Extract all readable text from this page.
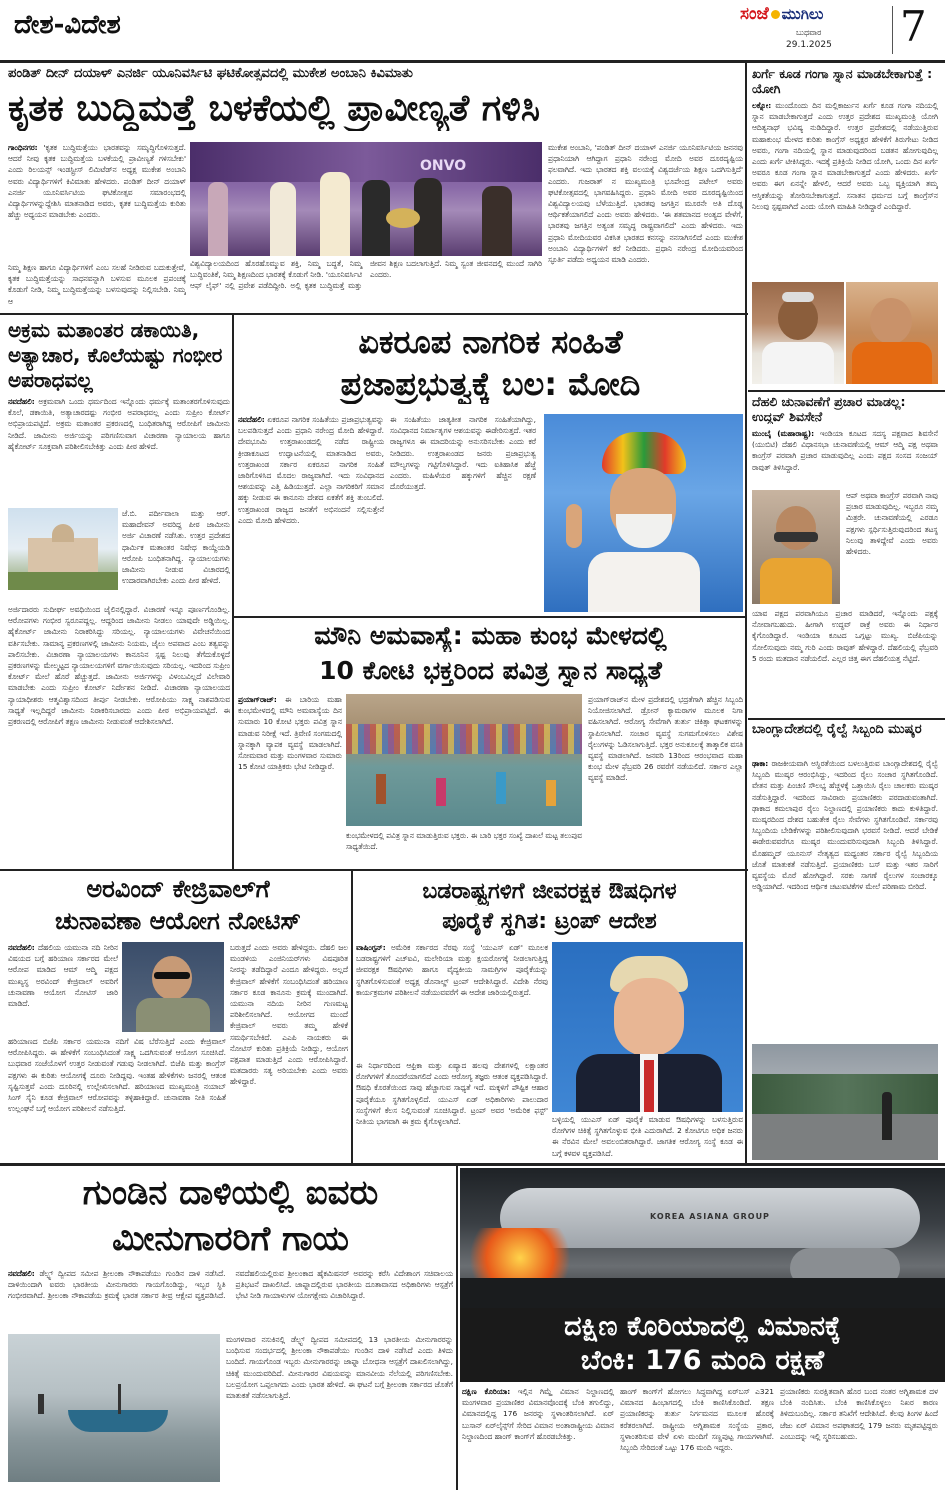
ದೇಶ-ವಿದೇಶ	ಸಂಜೆ ಮುಗಿಲು
ಬುಧವಾರ
29.1.2025 7
ಪಂಡಿತ್ ದೀನ್ ದಯಾಳ್ ಎನರ್ಜಿ ಯೂನಿವರ್ಸಿಟಿ ಘಟಿಕೋತ್ಸವದಲ್ಲಿ ಮುಕೇಶ ಅಂಬಾನಿ ಕಿವಿಮಾತು
ಕೃತಕ ಬುದ್ಧಿಮತ್ತೆ ಬಳಕೆಯಲ್ಲಿ ಪ್ರಾವೀಣ್ಯತೆ ಗಳಿಸಿ
ಗಾಂಧಿನಗರ: 'ಕೃತಕ ಬುದ್ಧಿಮತ್ತೆಯು ಭಾರತವನ್ನು ಸಮೃದ್ಧಿಗೊಳಿಸುತ್ತದೆ. ಆದರೆ ನೀವು ಕೃತಕ ಬುದ್ಧಿಮತ್ತೆಯ ಬಳಕೆಯಲ್ಲಿ ಪ್ರಾವೀಣ್ಯತೆ ಗಳಿಸಬೇಕು' ಎಂದು ರಿಲಯನ್ಸ್ ಇಂಡಸ್ಟ್ರೀಸ್ ಲಿಮಿಟೆಡ್‌ನ ಅಧ್ಯಕ್ಷ ಮುಕೇಶ ಅಂಬಾನಿ ಅವರು ವಿದ್ಯಾರ್ಥಿಗಳಿಗೆ ಕಿವಿಮಾತು ಹೇಳಿದರು. ಪಂಡಿತ್ ದೀನ್ ದಯಾಳ್ ಎನರ್ಜಿ ಯೂನಿವರ್ಸಿಟಿಯ ಘಟಿಕೋತ್ಸವ ಸಮಾರಂಭದಲ್ಲಿ ವಿದ್ಯಾರ್ಥಿಗಳನ್ನುದ್ದೇಶಿಸಿ ಮಾತನಾಡಿದ ಅವರು, ಕೃತಕ ಬುದ್ಧಿಮತ್ತೆಯ ಕುರಿತು ಹೆಚ್ಚು ಅಧ್ಯಯನ ಮಾಡಬೇಕು ಎಂದರು.
ನಿಮ್ಮ ಶಿಕ್ಷಣ ಹಾಗೂ ವಿದ್ಯಾರ್ಥಿಗಳಿಗೆ ಎಂಬ ಸಲಹೆ ನೀಡಿರುವ ಬದುಕುತ್ತೇವೆ, ಕೃತಕ ಬುದ್ಧಿಮತ್ತೆಯನ್ನು ಸಾಧನವನ್ನಾಗಿ ಬಳಸುವ ಮೂಲಕ ಪ್ರಪಂಚಕ್ಕೆ ಕೊಡುಗೆ ನೀಡಿ, ನಿಮ್ಮ ಬುದ್ಧಿಮತ್ತೆಯನ್ನು ಬಳಸುವುದನ್ನು ನಿಲ್ಲಿಸಬೇಡಿ. ನಿಮ್ಮ ಆ
ONVO
ವಿಶ್ವವಿದ್ಯಾಲಯದಿಂದ ಹೊರಹೊಮ್ಮುವ ಶಕ್ತಿ, ನಿಮ್ಮ ಬದ್ಧತೆ, ನಿಮ್ಮ ಬುದ್ಧಿವಂತಿಕೆ, ನಿಮ್ಮ ಶಿಕ್ಷಣದಿಂದ ಭಾರತಕ್ಕೆ ಕೊಡುಗೆ ನೀಡಿ. 'ಯೂನಿವರ್ಸಿಟಿ ಆಫ್ ಲೈಫ್' ನಲ್ಲಿ ಪ್ರವೇಶ ಪಡೆದಿದ್ದೀರಿ. ಅಲ್ಲಿ ಕೃತಕ ಬುದ್ಧಿಮತ್ತೆ ಮತ್ತು ಜೀವನ ಶಿಕ್ಷಣ ಬದಲಾಗುತ್ತಿದೆ. ನಿಮ್ಮ ಸ್ವಂತ ಜೀವನದಲ್ಲಿ ಮುಂದೆ ಸಾಗಿರಿ ಎಂದರು.
ಮುಕೇಶ ಅಂಬಾನಿ, 'ಪಂಡಿತ್ ದೀನ್ ದಯಾಳ್ ಎನರ್ಜಿ ಯೂನಿವರ್ಸಿಟಿಯ ಜನನವು ಪ್ರಧಾನಿಯಾಗಿ ಆಗಿದ್ದಾಗ ಪ್ರಧಾನಿ ನರೇಂದ್ರ ಮೋದಿ ಅವರ ದೂರದೃಷ್ಟಿಯ ಫಲವಾಗಿದೆ. ಇದು ಭಾರತದ ಶಕ್ತಿ ವಲಯಕ್ಕೆ ವಿಶ್ವದರ್ಜೆಯ ಶಿಕ್ಷಣ ಒದಗಿಸುತ್ತಿದೆ' ಎಂದರು. ಗುಜರಾತ್ ನ ಮುಖ್ಯಮಂತ್ರಿ ಭೂಪೇಂದ್ರ ಪಟೇಲ್ ಅವರು ಘಟಿಕೋತ್ಸವದಲ್ಲಿ ಭಾಗವಹಿಸಿದ್ದರು. ಪ್ರಧಾನಿ ಮೋದಿ ಅವರ ದೂರದೃಷ್ಟಿಯಿಂದ ವಿಶ್ವವಿದ್ಯಾಲಯವು ಬೆಳೆಯುತ್ತಿದೆ. ಭಾರತವು ಜಗತ್ತಿನ ಮೂರನೇ ಅತಿ ದೊಡ್ಡ ಆರ್ಥಿಕತೆಯಾಗಲಿದೆ ಎಂದು ಅವರು ಹೇಳಿದರು. 'ಈ ಶತಮಾನದ ಅಂತ್ಯದ ವೇಳೆಗೆ, ಭಾರತವು ಜಗತ್ತಿನ ಅತ್ಯಂತ ಸಮೃದ್ಧ ರಾಷ್ಟ್ರವಾಗಲಿದೆ' ಎಂದು ಹೇಳಿದರು. ಇದು ಪ್ರಧಾನಿ ಮೋದಿಯವರ ವಿಕಸಿತ ಭಾರತದ ಕನಸನ್ನು ನನಸಾಗಿಸಲಿದೆ ಎಂದು ಮುಕೇಶ ಅಂಬಾನಿ ವಿದ್ಯಾರ್ಥಿಗಳಿಗೆ ಕರೆ ನೀಡಿದರು. ಪ್ರಧಾನಿ ನರೇಂದ್ರ ಮೋದಿಯವರಿಂದ ಸ್ಫೂರ್ತಿ ಪಡೆದು ಅಧ್ಯಯನ ಮಾಡಿ ಎಂದರು.
ಖರ್ಗೆ ಕೂಡ ಗಂಗಾ ಸ್ನಾನ ಮಾಡಬೇಕಾಗುತ್ತೆ : ಯೋಗಿ
ಲಕ್ನೋ: ಮುಂದೊಂದು ದಿನ ಮಲ್ಲಿಕಾರ್ಜುನ ಖರ್ಗೆ ಕೂಡ ಗಂಗಾ ನದಿಯಲ್ಲಿ ಸ್ನಾನ ಮಾಡಬೇಕಾಗುತ್ತದೆ ಎಂದು ಉತ್ತರ ಪ್ರದೇಶದ ಮುಖ್ಯಮಂತ್ರಿ ಯೋಗಿ ಆದಿತ್ಯನಾಥ್ ಭವಿಷ್ಯ ನುಡಿದಿದ್ದಾರೆ. ಉತ್ತರ ಪ್ರದೇಶದಲ್ಲಿ ನಡೆಯುತ್ತಿರುವ ಮಹಾಕುಂಭ ಮೇಳದ ಕುರಿತು ಕಾಂಗ್ರೆಸ್ ಅಧ್ಯಕ್ಷರ ಹೇಳಿಕೆಗೆ ತಿರುಗೇಟು ನೀಡಿದ ಅವರು, ಗಂಗಾ ನದಿಯಲ್ಲಿ ಸ್ನಾನ ಮಾಡುವುದರಿಂದ ಬಡತನ ಹೋಗುವುದಿಲ್ಲ ಎಂದು ಖರ್ಗೆ ಟೀಕಿಸಿದ್ದರು. ಇದಕ್ಕೆ ಪ್ರತಿಕ್ರಿಯೆ ನೀಡಿದ ಯೋಗಿ, ಒಂದು ದಿನ ಖರ್ಗೆ ಅವರೂ ಕೂಡ ಗಂಗಾ ಸ್ನಾನ ಮಾಡಬೇಕಾಗುತ್ತದೆ ಎಂದು ಹೇಳಿದರು. ಖರ್ಗೆ ಅವರು ಈಗ ಏನನ್ನೇ ಹೇಳಲಿ, ಆದರೆ ಅವರು ಒಬ್ಬ ವ್ಯಕ್ತಿಯಾಗಿ ತಮ್ಮ ಆಸ್ತಿಕತೆಯನ್ನು ತೋರಿಸಬೇಕಾಗುತ್ತದೆ. ಸನಾತನ ಧರ್ಮದ ಬಗ್ಗೆ ಕಾಂಗ್ರೆಸ್‌ನ ನಿಲುವು ಸ್ಪಷ್ಟವಾಗಿದೆ ಎಂದು ಯೋಗಿ ಮಾಹಿತಿ ನೀಡಿದ್ದಾರೆ ಎಂದಿದ್ದಾರೆ.
ದೆಹಲಿ ಚುನಾವಣೆಗೆ ಪ್ರಚಾರ ಮಾಡಲ್ಲ: ಉದ್ಧವ್ ಶಿವಸೇನೆ
ಮುಂಬೈ (ಮಹಾರಾಷ್ಟ್ರ): ಇಂಡಿಯಾ ಕೂಟದ ಸದಸ್ಯ ಪಕ್ಷವಾದ ಶಿವಸೇನೆ (ಯುಬಿಟಿ) ದೆಹಲಿ ವಿಧಾನಸಭಾ ಚುನಾವಣೆಯಲ್ಲಿ ಆಮ್ ಆದ್ಮಿ ಪಕ್ಷ ಅಥವಾ ಕಾಂಗ್ರೆಸ್ ಪರವಾಗಿ ಪ್ರಚಾರ ಮಾಡುವುದಿಲ್ಲ ಎಂದು ಪಕ್ಷದ ಸಂಸದ ಸಂಜಯ್ ರಾವುತ್ ತಿಳಿಸಿದ್ದಾರೆ.
ಆಪ್ ಅಥವಾ ಕಾಂಗ್ರೆಸ್ ಪರವಾಗಿ ನಾವು ಪ್ರಚಾರ ಮಾಡುವುದಿಲ್ಲ. ಇಬ್ಬರೂ ನಮ್ಮ ಮಿತ್ರರೇ. ಚುನಾವಣೆಯಲ್ಲಿ ಎರಡೂ ಪಕ್ಷಗಳು ಸ್ಪರ್ಧಿಸುತ್ತಿರುವುದರಿಂದ ತಟಸ್ಥ ನಿಲುವು ತಾಳಿದ್ದೇವೆ ಎಂದು ಅವರು ಹೇಳಿದರು.
ಯಾವ ಪಕ್ಷದ ಪರವಾಗಿಯೂ ಪ್ರಚಾರ ಮಾಡಿದರೆ, ಇನ್ನೊಂದು ಪಕ್ಷಕ್ಕೆ ನೋವಾಗಬಹುದು. ಹೀಗಾಗಿ ಉದ್ಧವ್ ಠಾಕ್ರೆ ಅವರು ಈ ನಿರ್ಧಾರ ಕೈಗೊಂಡಿದ್ದಾರೆ. ಇಂಡಿಯಾ ಕೂಟದ ಒಗ್ಗಟ್ಟು ಮುಖ್ಯ. ಬಿಜೆಪಿಯನ್ನು ಸೋಲಿಸುವುದು ನಮ್ಮ ಗುರಿ ಎಂದು ರಾವುತ್ ಹೇಳಿದ್ದಾರೆ. ದೆಹಲಿಯಲ್ಲಿ ಫೆಬ್ರವರಿ 5 ರಂದು ಮತದಾನ ನಡೆಯಲಿದೆ. ಎಲ್ಲರ ಚಿತ್ತ ಈಗ ದೆಹಲಿಯತ್ತ ನೆಟ್ಟಿದೆ.
ಬಾಂಗ್ಲಾದೇಶದಲ್ಲಿ ರೈಲ್ವೆ ಸಿಬ್ಬಂದಿ ಮುಷ್ಕರ
ಢಾಕಾ: ರಾಜಕೀಯವಾಗಿ ಅಸ್ಥಿರತೆಯಿಂದ ಬಳಲುತ್ತಿರುವ ಬಾಂಗ್ಲಾದೇಶದಲ್ಲಿ ರೈಲ್ವೆ ಸಿಬ್ಬಂದಿ ಮುಷ್ಕರ ಆರಂಭಿಸಿದ್ದು, ಇದರಿಂದ ರೈಲು ಸಂಚಾರ ಸ್ಥಗಿತಗೊಂಡಿದೆ. ವೇತನ ಮತ್ತು ಪಿಂಚಣಿ ಸೌಲಭ್ಯ ಹೆಚ್ಚಳಕ್ಕೆ ಒತ್ತಾಯಿಸಿ ರೈಲು ಚಾಲಕರು ಮುಷ್ಕರ ನಡೆಸುತ್ತಿದ್ದಾರೆ. ಇದರಿಂದ ಸಾವಿರಾರು ಪ್ರಯಾಣಿಕರು ಪರದಾಡುವಂತಾಗಿದೆ. ಢಾಕಾದ ಕಮಲಾಪುರ ರೈಲು ನಿಲ್ದಾಣದಲ್ಲಿ ಪ್ರಯಾಣಿಕರು ಕಾದು ಕುಳಿತಿದ್ದಾರೆ. ಮುಷ್ಕರದಿಂದ ದೇಶದ ಬಹುತೇಕ ರೈಲು ಸೇವೆಗಳು ಸ್ಥಗಿತಗೊಂಡಿವೆ. ಸರ್ಕಾರವು ಸಿಬ್ಬಂದಿಯ ಬೇಡಿಕೆಗಳನ್ನು ಪರಿಶೀಲಿಸುವುದಾಗಿ ಭರವಸೆ ನೀಡಿದೆ. ಆದರೆ ಬೇಡಿಕೆ ಈಡೇರುವವರೆಗೂ ಮುಷ್ಕರ ಮುಂದುವರಿಸುವುದಾಗಿ ಸಿಬ್ಬಂದಿ ತಿಳಿಸಿದ್ದಾರೆ. ಮೊಹಮ್ಮದ್ ಯೂನುಸ್ ನೇತೃತ್ವದ ಮಧ್ಯಂತರ ಸರ್ಕಾರ ರೈಲ್ವೆ ಸಿಬ್ಬಂದಿಯ ಜೊತೆ ಮಾತುಕತೆ ನಡೆಸುತ್ತಿದೆ. ಪ್ರಯಾಣಿಕರು ಬಸ್ ಮತ್ತು ಇತರ ಸಾರಿಗೆ ವ್ಯವಸ್ಥೆಯ ಮೊರೆ ಹೋಗಿದ್ದಾರೆ. ಸರಕು ಸಾಗಣೆ ರೈಲುಗಳ ಸಂಚಾರಕ್ಕೂ ಅಡ್ಡಿಯಾಗಿದೆ. ಇದರಿಂದ ಆರ್ಥಿಕ ಚಟುವಟಿಕೆಗಳ ಮೇಲೆ ಪರಿಣಾಮ ಬೀರಿದೆ.
ಅಕ್ರಮ ಮತಾಂತರ ಡಕಾಯಿತಿ, ಅತ್ಯಾಚಾರ, ಕೊಲೆಯಷ್ಟು ಗಂಭೀರ ಅಪರಾಧವಲ್ಲ
ನವದೆಹಲಿ: ಅಕ್ರಮವಾಗಿ ಒಂದು ಧರ್ಮದಿಂದ ಇನ್ನೊಂದು ಧರ್ಮಕ್ಕೆ ಮತಾಂತರಗೊಳಿಸುವುದು ಕೊಲೆ, ಡಕಾಯಿತಿ, ಅತ್ಯಾಚಾರದಷ್ಟು ಗಂಭೀರ ಅಪರಾಧವಲ್ಲ ಎಂದು ಸುಪ್ರೀಂ ಕೋರ್ಟ್ ಅಭಿಪ್ರಾಯಪಟ್ಟಿದೆ. ಅಕ್ರಮ ಮತಾಂತರ ಪ್ರಕರಣದಲ್ಲಿ ಬಂಧಿತರಾಗಿದ್ದ ಆರೋಪಿಗೆ ಜಾಮೀನು ನೀಡಿದೆ. ಜಾಮೀನು ಅರ್ಜಿಯನ್ನು ಪರಿಗಣಿಸುವಾಗ ವಿಚಾರಣಾ ನ್ಯಾಯಾಲಯ ಹಾಗೂ ಹೈಕೋರ್ಟ್ ಸೂಕ್ತವಾಗಿ ಪರಿಶೀಲಿಸಬೇಕಿತ್ತು ಎಂದು ಪೀಠ ಹೇಳಿದೆ.
ಜೆ.ಬಿ. ಪರ್ದೀವಾಲಾ ಮತ್ತು ಆರ್. ಮಹಾದೇವನ್ ಅವರಿದ್ದ ಪೀಠ ಜಾಮೀನು ಅರ್ಜಿ ವಿಚಾರಣೆ ನಡೆಸಿತು. ಉತ್ತರ ಪ್ರದೇಶದ ಧಾರ್ಮಿಕ ಮತಾಂತರ ನಿಷೇಧ ಕಾಯ್ದೆಯಡಿ ಆರೋಪಿ ಬಂಧಿತನಾಗಿದ್ದ. ನ್ಯಾಯಾಲಯಗಳು ಜಾಮೀನು ನೀಡುವ ವಿಚಾರದಲ್ಲಿ ಉದಾರವಾಗಿರಬೇಕು ಎಂದು ಪೀಠ ಹೇಳಿದೆ.
ಅರ್ಜಿದಾರರು ಸುದೀರ್ಘ ಅವಧಿಯಿಂದ ಜೈಲಿನಲ್ಲಿದ್ದಾರೆ. ವಿಚಾರಣೆ ಇನ್ನೂ ಪೂರ್ಣಗೊಂಡಿಲ್ಲ. ಆರೋಪಗಳು ಗಂಭೀರ ಸ್ವರೂಪದ್ದಲ್ಲ. ಆದ್ದರಿಂದ ಜಾಮೀನು ನೀಡಲು ಯಾವುದೇ ಅಡ್ಡಿಯಿಲ್ಲ. ಹೈಕೋರ್ಟ್ ಜಾಮೀನು ನಿರಾಕರಿಸಿದ್ದು ಸರಿಯಲ್ಲ. ನ್ಯಾಯಾಲಯಗಳು ವಿವೇಚನೆಯಿಂದ ವರ್ತಿಸಬೇಕು. ಸಾಮಾನ್ಯ ಪ್ರಕರಣಗಳಲ್ಲಿ ಜಾಮೀನು ನಿಯಮ, ಜೈಲು ಅಪವಾದ ಎಂಬ ತತ್ವವನ್ನು ಪಾಲಿಸಬೇಕು. ವಿಚಾರಣಾ ನ್ಯಾಯಾಲಯಗಳು ಕಾನೂನಿನ ಸ್ಪಷ್ಟ ನಿಲುವು ತೆಗೆದುಕೊಳ್ಳದೆ ಪ್ರಕರಣಗಳನ್ನು ಮೇಲ್ಮಟ್ಟದ ನ್ಯಾಯಾಲಯಗಳಿಗೆ ವರ್ಗಾಯಿಸುವುದು ಸರಿಯಲ್ಲ. ಇದರಿಂದ ಸುಪ್ರೀಂ ಕೋರ್ಟ್ ಮೇಲೆ ಹೊರೆ ಹೆಚ್ಚುತ್ತದೆ. ಜಾಮೀನು ಅರ್ಜಿಗಳನ್ನು ವಿಳಂಬವಿಲ್ಲದೆ ವಿಲೇವಾರಿ ಮಾಡಬೇಕು ಎಂದು ಸುಪ್ರೀಂ ಕೋರ್ಟ್ ನಿರ್ದೇಶನ ನೀಡಿದೆ. ವಿಚಾರಣಾ ನ್ಯಾಯಾಲಯದ ನ್ಯಾಯಾಧೀಶರು ಆತ್ಮವಿಶ್ವಾಸದಿಂದ ತೀರ್ಪು ನೀಡಬೇಕು. ಆರೋಪಿಯು ಸಾಕ್ಷ್ಯ ನಾಶಪಡಿಸುವ ಸಾಧ್ಯತೆ ಇಲ್ಲದಿದ್ದರೆ ಜಾಮೀನು ನಿರಾಕರಿಸಬಾರದು ಎಂದು ಪೀಠ ಅಭಿಪ್ರಾಯಪಟ್ಟಿದೆ. ಈ ಪ್ರಕರಣದಲ್ಲಿ ಆರೋಪಿಗೆ ತಕ್ಷಣ ಜಾಮೀನು ನೀಡುವಂತೆ ಆದೇಶಿಸಲಾಗಿದೆ.
ಏಕರೂಪ ನಾಗರಿಕ ಸಂಹಿತೆ
ಪ್ರಜಾಪ್ರಭುತ್ವಕ್ಕೆ ಬಲ: ಮೋದಿ
ನವದೆಹಲಿ: ಏಕರೂಪ ನಾಗರಿಕ ಸಂಹಿತೆಯು ಪ್ರಜಾಪ್ರಭುತ್ವವನ್ನು ಬಲಪಡಿಸುತ್ತದೆ ಎಂದು ಪ್ರಧಾನಿ ನರೇಂದ್ರ ಮೋದಿ ಹೇಳಿದ್ದಾರೆ. ದೇವಭೂಮಿ ಉತ್ತರಾಖಂಡದಲ್ಲಿ ನಡೆದ ರಾಷ್ಟ್ರೀಯ ಕ್ರೀಡಾಕೂಟದ ಉದ್ಘಾಟನೆಯಲ್ಲಿ ಮಾತನಾಡಿದ ಅವರು, ಉತ್ತರಾಖಂಡ ಸರ್ಕಾರ ಏಕರೂಪ ನಾಗರಿಕ ಸಂಹಿತೆ ಜಾರಿಗೊಳಿಸಿದ ಮೊದಲ ರಾಜ್ಯವಾಗಿದೆ. ಇದು ಸಂವಿಧಾನದ ಆಶಯವನ್ನು ಎತ್ತಿ ಹಿಡಿಯುತ್ತದೆ. ಎಲ್ಲಾ ನಾಗರಿಕರಿಗೆ ಸಮಾನ ಹಕ್ಕು ನೀಡುವ ಈ ಕಾನೂನು ದೇಶದ ಏಕತೆಗೆ ಶಕ್ತಿ ತುಂಬಲಿದೆ. ಉತ್ತರಾಖಂಡ ರಾಜ್ಯದ ಜನತೆಗೆ ಅಭಿನಂದನೆ ಸಲ್ಲಿಸುತ್ತೇನೆ ಎಂದು ಮೋದಿ ಹೇಳಿದರು.
ಈ ಸಂಹಿತೆಯು ಜಾತ್ಯತೀತ ನಾಗರಿಕ ಸಂಹಿತೆಯಾಗಿದ್ದು, ಸಂವಿಧಾನದ ನಿರ್ಮಾತೃಗಳ ಆಶಯವನ್ನು ಈಡೇರಿಸುತ್ತದೆ. ಇತರ ರಾಜ್ಯಗಳೂ ಈ ಮಾದರಿಯನ್ನು ಅನುಸರಿಸಬೇಕು ಎಂದು ಕರೆ ನೀಡಿದರು. ಉತ್ತರಾಖಂಡದ ಜನರು ಪ್ರಜಾಪ್ರಭುತ್ವ ಮೌಲ್ಯಗಳನ್ನು ಗಟ್ಟಿಗೊಳಿಸಿದ್ದಾರೆ. ಇದು ಐತಿಹಾಸಿಕ ಹೆಜ್ಜೆ ಎಂದರು. ಮಹಿಳೆಯರ ಹಕ್ಕುಗಳಿಗೆ ಹೆಚ್ಚಿನ ರಕ್ಷಣೆ ದೊರೆಯುತ್ತದೆ.
ಮೌನಿ ಅಮವಾಸ್ಯೆ: ಮಹಾ ಕುಂಭ ಮೇಳದಲ್ಲಿ
10 ಕೋಟಿ ಭಕ್ತರಿಂದ ಪವಿತ್ರ ಸ್ನಾನ ಸಾಧ್ಯತೆ
ಪ್ರಯಾಗ್‌ರಾಜ್: ಈ ಬಾರಿಯ ಮಹಾ ಕುಂಭಮೇಳದಲ್ಲಿ ಮೌನಿ ಅಮವಾಸ್ಯೆಯ ದಿನ ಸುಮಾರು 10 ಕೋಟಿ ಭಕ್ತರು ಪವಿತ್ರ ಸ್ನಾನ ಮಾಡುವ ನಿರೀಕ್ಷೆ ಇದೆ. ತ್ರಿವೇಣಿ ಸಂಗಮದಲ್ಲಿ ಸ್ನಾನಕ್ಕಾಗಿ ವ್ಯಾಪಕ ವ್ಯವಸ್ಥೆ ಮಾಡಲಾಗಿದೆ. ಸೋಮವಾರ ಮತ್ತು ಮಂಗಳವಾರ ಸುಮಾರು 15 ಕೋಟಿ ಯಾತ್ರಿಕರು ಭೇಟಿ ನೀಡಿದ್ದಾರೆ.
ಕುಂಭಮೇಳದಲ್ಲಿ ಪವಿತ್ರ ಸ್ನಾನ ಮಾಡುತ್ತಿರುವ ಭಕ್ತರು. ಈ ಬಾರಿ ಭಕ್ತರ ಸಂಖ್ಯೆ ದಾಖಲೆ ಮಟ್ಟ ತಲುಪುವ ಸಾಧ್ಯತೆಯಿದೆ.
ಪ್ರಯಾಗ್‌ರಾಜ್‌ನ ಮೇಳ ಪ್ರದೇಶದಲ್ಲಿ ಭದ್ರತೆಗಾಗಿ ಹೆಚ್ಚಿನ ಸಿಬ್ಬಂದಿ ನಿಯೋಜಿಸಲಾಗಿದೆ. ಡ್ರೋನ್ ಕ್ಯಾಮರಾಗಳ ಮೂಲಕ ನಿಗಾ ವಹಿಸಲಾಗಿದೆ. ಆರೋಗ್ಯ ಸೇವೆಗಾಗಿ ತುರ್ತು ಚಿಕಿತ್ಸಾ ಘಟಕಗಳನ್ನು ಸ್ಥಾಪಿಸಲಾಗಿದೆ. ಸಂಚಾರ ವ್ಯವಸ್ಥೆ ಸುಗಮಗೊಳಿಸಲು ವಿಶೇಷ ರೈಲುಗಳನ್ನು ಓಡಿಸಲಾಗುತ್ತಿದೆ. ಭಕ್ತರ ಅನುಕೂಲಕ್ಕೆ ತಾತ್ಕಾಲಿಕ ವಸತಿ ವ್ಯವಸ್ಥೆ ಮಾಡಲಾಗಿದೆ. ಜನವರಿ 13ರಿಂದ ಆರಂಭವಾದ ಮಹಾ ಕುಂಭ ಮೇಳ ಫೆಬ್ರವರಿ 26 ರವರೆಗೆ ನಡೆಯಲಿದೆ. ಸರ್ಕಾರ ಎಲ್ಲಾ ವ್ಯವಸ್ಥೆ ಮಾಡಿದೆ.
ಅರವಿಂದ್ ಕೇಜ್ರಿವಾಲ್‌ಗೆ
ಚುನಾವಣಾ ಆಯೋಗ ನೋಟಿಸ್
ನವದೆಹಲಿ: ದೆಹಲಿಯ ಯಮುನಾ ನದಿ ನೀರಿನ ವಿಷಯದ ಬಗ್ಗೆ ಹರಿಯಾಣ ಸರ್ಕಾರದ ಮೇಲೆ ಆರೋಪ ಮಾಡಿದ ಆಮ್ ಆದ್ಮಿ ಪಕ್ಷದ ಮುಖ್ಯಸ್ಥ ಅರವಿಂದ್ ಕೇಜ್ರಿವಾಲ್ ಅವರಿಗೆ ಚುನಾವಣಾ ಆಯೋಗ ನೋಟಿಸ್ ಜಾರಿ ಮಾಡಿದೆ.
ಹರಿಯಾಣದ ಬಿಜೆಪಿ ಸರ್ಕಾರ ಯಮುನಾ ನದಿಗೆ ವಿಷ ಬೆರೆಸುತ್ತಿದೆ ಎಂದು ಕೇಜ್ರಿವಾಲ್ ಆರೋಪಿಸಿದ್ದರು. ಈ ಹೇಳಿಕೆಗೆ ಸಂಬಂಧಿಸಿದಂತೆ ಸಾಕ್ಷ್ಯ ಒದಗಿಸುವಂತೆ ಆಯೋಗ ಸೂಚಿಸಿದೆ. ಬುಧವಾರ ಸಂಜೆಯೊಳಗೆ ಉತ್ತರ ನೀಡುವಂತೆ ಗಡುವು ನೀಡಲಾಗಿದೆ. ಬಿಜೆಪಿ ಮತ್ತು ಕಾಂಗ್ರೆಸ್ ಪಕ್ಷಗಳು ಈ ಕುರಿತು ಆಯೋಗಕ್ಕೆ ದೂರು ನೀಡಿದ್ದವು. ಇಂತಹ ಹೇಳಿಕೆಗಳು ಜನರಲ್ಲಿ ಆತಂಕ ಸೃಷ್ಟಿಸುತ್ತವೆ ಎಂದು ದೂರಿನಲ್ಲಿ ಉಲ್ಲೇಖಿಸಲಾಗಿದೆ. ಹರಿಯಾಣದ ಮುಖ್ಯಮಂತ್ರಿ ನಯಾಬ್ ಸಿಂಗ್ ಸೈನಿ ಕೂಡ ಕೇಜ್ರಿವಾಲ್ ಆರೋಪವನ್ನು ತಳ್ಳಿಹಾಕಿದ್ದಾರೆ. ಚುನಾವಣಾ ನೀತಿ ಸಂಹಿತೆ ಉಲ್ಲಂಘನೆ ಬಗ್ಗೆ ಆಯೋಗ ಪರಿಶೀಲನೆ ನಡೆಸುತ್ತಿದೆ.
ಬರುತ್ತದೆ ಎಂದು ಅವರು ಹೇಳಿದ್ದರು. ದೆಹಲಿ ಜಲ ಮಂಡಳಿಯ ಎಂಜಿನಿಯರ್‌ಗಳು ವಿಷಪೂರಿತ ನೀರನ್ನು ತಡೆದಿದ್ದಾರೆ ಎಂದೂ ಹೇಳಿದ್ದರು. ಅಲ್ಲದೆ ಕೇಜ್ರಿವಾಲ್ ಹೇಳಿಕೆಗೆ ಸಂಬಂಧಿಸಿದಂತೆ ಹರಿಯಾಣ ಸರ್ಕಾರ ಕೂಡ ಕಾನೂನು ಕ್ರಮಕ್ಕೆ ಮುಂದಾಗಿದೆ. ಯಮುನಾ ನದಿಯ ನೀರಿನ ಗುಣಮಟ್ಟ ಪರಿಶೀಲಿಸಲಾಗಿದೆ. ಆಯೋಗದ ಮುಂದೆ ಕೇಜ್ರಿವಾಲ್ ಅವರು ತಮ್ಮ ಹೇಳಿಕೆ ಸಮರ್ಥಿಸಬೇಕಿದೆ. ಎಎಪಿ ನಾಯಕರು ಈ ನೋಟಿಸ್ ಕುರಿತು ಪ್ರತಿಕ್ರಿಯೆ ನೀಡಿದ್ದು, ಆಯೋಗ ಪಕ್ಷಪಾತ ಮಾಡುತ್ತಿದೆ ಎಂದು ಆರೋಪಿಸಿದ್ದಾರೆ. ಮತದಾರರು ಸತ್ಯ ಅರಿಯಬೇಕು ಎಂದು ಅವರು ಹೇಳಿದ್ದಾರೆ.
ಬಡರಾಷ್ಟ್ರಗಳಿಗೆ ಜೀವರಕ್ಷಕ ಔಷಧಿಗಳ
ಪೂರೈಕೆ ಸ್ಥಗಿತ: ಟ್ರಂಪ್ ಆದೇಶ
ವಾಷಿಂಗ್ಟನ್: ಅಮೆರಿಕ ಸರ್ಕಾರದ ನೆರವು ಸಂಸ್ಥೆ 'ಯುಎಸ್ ಏಡ್' ಮೂಲಕ ಬಡರಾಷ್ಟ್ರಗಳಿಗೆ ಎಚ್‌ಐವಿ, ಮಲೇರಿಯಾ ಮತ್ತು ಕ್ಷಯರೋಗಕ್ಕೆ ನೀಡಲಾಗುತ್ತಿದ್ದ ಜೀವರಕ್ಷಕ ಔಷಧಿಗಳು ಹಾಗೂ ವೈದ್ಯಕೀಯ ಸಾಮಗ್ರಿಗಳ ಪೂರೈಕೆಯನ್ನು ಸ್ಥಗಿತಗೊಳಿಸುವಂತೆ ಅಧ್ಯಕ್ಷ ಡೊನಾಲ್ಡ್ ಟ್ರಂಪ್ ಆದೇಶಿಸಿದ್ದಾರೆ. ವಿದೇಶಿ ನೆರವು ಕಾರ್ಯಕ್ರಮಗಳ ಪರಿಶೀಲನೆ ನಡೆಯುವವರೆಗೆ ಈ ಆದೇಶ ಜಾರಿಯಲ್ಲಿರುತ್ತದೆ.
ಈ ನಿರ್ಧಾರದಿಂದ ಆಫ್ರಿಕಾ ಮತ್ತು ಏಷ್ಯಾದ ಹಲವು ದೇಶಗಳಲ್ಲಿ ಲಕ್ಷಾಂತರ ರೋಗಿಗಳಿಗೆ ತೊಂದರೆಯಾಗಲಿದೆ ಎಂದು ಆರೋಗ್ಯ ತಜ್ಞರು ಆತಂಕ ವ್ಯಕ್ತಪಡಿಸಿದ್ದಾರೆ. ಔಷಧಿ ಕೊರತೆಯಿಂದ ಸಾವು ಹೆಚ್ಚಾಗುವ ಸಾಧ್ಯತೆ ಇದೆ. ಮಕ್ಕಳಿಗೆ ಪೌಷ್ಟಿಕ ಆಹಾರ ಪೂರೈಕೆಯೂ ಸ್ಥಗಿತಗೊಳ್ಳಲಿದೆ. ಯುಎಸ್ ಏಡ್ ಅಧಿಕಾರಿಗಳು ಪಾಲುದಾರ ಸಂಸ್ಥೆಗಳಿಗೆ ಕೆಲಸ ನಿಲ್ಲಿಸುವಂತೆ ಸೂಚಿಸಿದ್ದಾರೆ. ಟ್ರಂಪ್ ಅವರ 'ಅಮೆರಿಕ ಫಸ್ಟ್' ನೀತಿಯ ಭಾಗವಾಗಿ ಈ ಕ್ರಮ ಕೈಗೊಳ್ಳಲಾಗಿದೆ.	ಬಳ್ಳಿಯಲ್ಲಿ ಯುಎಸ್ ಏಡ್ ಪೂರೈಕೆ ಮಾಡುವ ಔಷಧಿಗಳನ್ನು ಬಳಸುತ್ತಿರುವ ರೋಗಿಗಳ ಚಿಕಿತ್ಸೆ ಸ್ಥಗಿತಗೊಳ್ಳುವ ಭೀತಿ ಎದುರಾಗಿದೆ. 2 ಕೋಟಿಗೂ ಅಧಿಕ ಜನರು ಈ ನೆರವಿನ ಮೇಲೆ ಅವಲಂಬಿತರಾಗಿದ್ದಾರೆ. ಜಾಗತಿಕ ಆರೋಗ್ಯ ಸಂಸ್ಥೆ ಕೂಡ ಈ ಬಗ್ಗೆ ಕಳವಳ ವ್ಯಕ್ತಪಡಿಸಿದೆ.
ಗುಂಡಿನ ದಾಳಿಯಲ್ಲಿ ಐವರು
ಮೀನುಗಾರರಿಗೆ ಗಾಯ
ನವದೆಹಲಿ: ಡೆಲ್ಫ್ಟ್ ದ್ವೀಪದ ಸಮೀಪ ಶ್ರೀಲಂಕಾ ನೌಕಾಪಡೆಯು ಗುಂಡಿನ ದಾಳಿ ನಡೆಸಿದೆ. ದಾಳಿಯಿಂದಾಗಿ ಐವರು ಭಾರತೀಯ ಮೀನುಗಾರರು ಗಾಯಗೊಂಡಿದ್ದು, ಇಬ್ಬರ ಸ್ಥಿತಿ ಗಂಭೀರವಾಗಿದೆ. ಶ್ರೀಲಂಕಾ ನೌಕಾಪಡೆಯ ಕ್ರಮಕ್ಕೆ ಭಾರತ ಸರ್ಕಾರ ತೀವ್ರ ಆಕ್ಷೇಪ ವ್ಯಕ್ತಪಡಿಸಿದೆ. ನವದೆಹಲಿಯಲ್ಲಿರುವ ಶ್ರೀಲಂಕಾದ ಹೈಕಮಿಷನರ್ ಅವರನ್ನು ಕರೆಸಿ ವಿದೇಶಾಂಗ ಸಚಿವಾಲಯ ಪ್ರತಿಭಟನೆ ದಾಖಲಿಸಿದೆ. ಜಾಫ್ನಾದಲ್ಲಿರುವ ಭಾರತೀಯ ದೂತಾವಾಸದ ಅಧಿಕಾರಿಗಳು ಆಸ್ಪತ್ರೆಗೆ ಭೇಟಿ ನೀಡಿ ಗಾಯಾಳುಗಳ ಯೋಗಕ್ಷೇಮ ವಿಚಾರಿಸಿದ್ದಾರೆ.
ಮಂಗಳವಾರ ನಸುಕಿನಲ್ಲಿ ಡೆಲ್ಫ್ಟ್ ದ್ವೀಪದ ಸಮೀಪದಲ್ಲಿ 13 ಭಾರತೀಯ ಮೀನುಗಾರರನ್ನು ಬಂಧಿಸುವ ಸಂದರ್ಭದಲ್ಲಿ ಶ್ರೀಲಂಕಾ ನೌಕಾಪಡೆಯು ಗುಂಡಿನ ದಾಳಿ ನಡೆಸಿದೆ ಎಂದು ತಿಳಿದು ಬಂದಿದೆ. ಗಾಯಗೊಂಡ ಇಬ್ಬರು ಮೀನುಗಾರರನ್ನು ಜಾಫ್ನಾ ಬೋಧನಾ ಆಸ್ಪತ್ರೆಗೆ ದಾಖಲಿಸಲಾಗಿದ್ದು, ಚಿಕಿತ್ಸೆ ಮುಂದುವರಿದಿದೆ. ಮೀನುಗಾರರ ವಿಷಯವನ್ನು ಮಾನವೀಯ ನೆಲೆಯಲ್ಲಿ ಪರಿಗಣಿಸಬೇಕು. ಬಲಪ್ರಯೋಗ ಒಪ್ಪಲಾಗದು ಎಂದು ಭಾರತ ಹೇಳಿದೆ. ಈ ಘಟನೆ ಬಗ್ಗೆ ಶ್ರೀಲಂಕಾ ಸರ್ಕಾರದ ಜೊತೆಗೆ ಮಾತುಕತೆ ನಡೆಸಲಾಗುತ್ತಿದೆ.
KOREA ASIANA GROUP
ದಕ್ಷಿಣ ಕೊರಿಯಾದಲ್ಲಿ ವಿಮಾನಕ್ಕೆ
ಬೆಂಕಿ: 176 ಮಂದಿ ರಕ್ಷಣೆ
ದಕ್ಷಿಣ ಕೊರಿಯಾ: ಇಲ್ಲಿನ ಗಿಮ್ಹೆ ವಿಮಾನ ನಿಲ್ದಾಣದಲ್ಲಿ ಮಂಗಳವಾರ ಪ್ರಯಾಣಿಕರ ವಿಮಾನವೊಂದಕ್ಕೆ ಬೆಂಕಿ ತಗುಲಿದ್ದು, ವಿಮಾನದಲ್ಲಿದ್ದ 176 ಜನರನ್ನು ಸ್ಥಳಾಂತರಿಸಲಾಗಿದೆ. ಏರ್ ಬುಸಾನ್ ಏರ್‌ಲೈನ್ಸ್‌ಗೆ ಸೇರಿದ ವಿಮಾನ ಅಂತಾರಾಷ್ಟ್ರೀಯ ವಿಮಾನ ನಿಲ್ದಾಣದಿಂದ ಹಾಂಗ್ ಕಾಂಗ್‌ಗೆ ಹೊರಡಬೇಕಿತ್ತು.
ಹಾಂಗ್ ಕಾಂಗ್‌ಗೆ ಹೋಗಲು ಸಿದ್ಧವಾಗಿದ್ದ ಏರ್‌ಬಸ್ ಎ321 ವಿಮಾನದ ಹಿಂಭಾಗದಲ್ಲಿ ಬೆಂಕಿ ಕಾಣಿಸಿಕೊಂಡಿದೆ. ತಕ್ಷಣ ಪ್ರಯಾಣಿಕರನ್ನು ತುರ್ತು ನಿರ್ಗಮನದ ಮೂಲಕ ಹೊರಕ್ಕೆ ಕರೆತರಲಾಗಿದೆ. ರಾಷ್ಟ್ರೀಯ ಅಗ್ನಿಶಾಮಕ ಸಂಸ್ಥೆಯ ಪ್ರಕಾರ, ಸ್ಥಳಾಂತರಿಸುವ ವೇಳೆ ಏಳು ಮಂದಿಗೆ ಸಣ್ಣಪುಟ್ಟ ಗಾಯಗಳಾಗಿವೆ. ಸಿಬ್ಬಂದಿ ಸೇರಿದಂತೆ ಒಟ್ಟು 176 ಮಂದಿ ಇದ್ದರು.
ಪ್ರಯಾಣಿಕರು ಸುರಕ್ಷಿತವಾಗಿ ಹೊರ ಬಂದ ನಂತರ ಅಗ್ನಿಶಾಮಕ ದಳ ಬೆಂಕಿ ನಂದಿಸಿತು. ಬೆಂಕಿ ಕಾಣಿಸಿಕೊಳ್ಳಲು ನಿಖರ ಕಾರಣ ತಿಳಿದುಬಂದಿಲ್ಲ. ಸರ್ಕಾರ ತನಿಖೆಗೆ ಆದೇಶಿಸಿದೆ. ಕೆಲವು ತಿಂಗಳ ಹಿಂದೆ ಜೆಜು ಏರ್ ವಿಮಾನ ಅಪಘಾತದಲ್ಲಿ 179 ಜನರು ಮೃತಪಟ್ಟಿದ್ದರು ಎಂಬುದನ್ನು ಇಲ್ಲಿ ಸ್ಮರಿಸಬಹುದು.
